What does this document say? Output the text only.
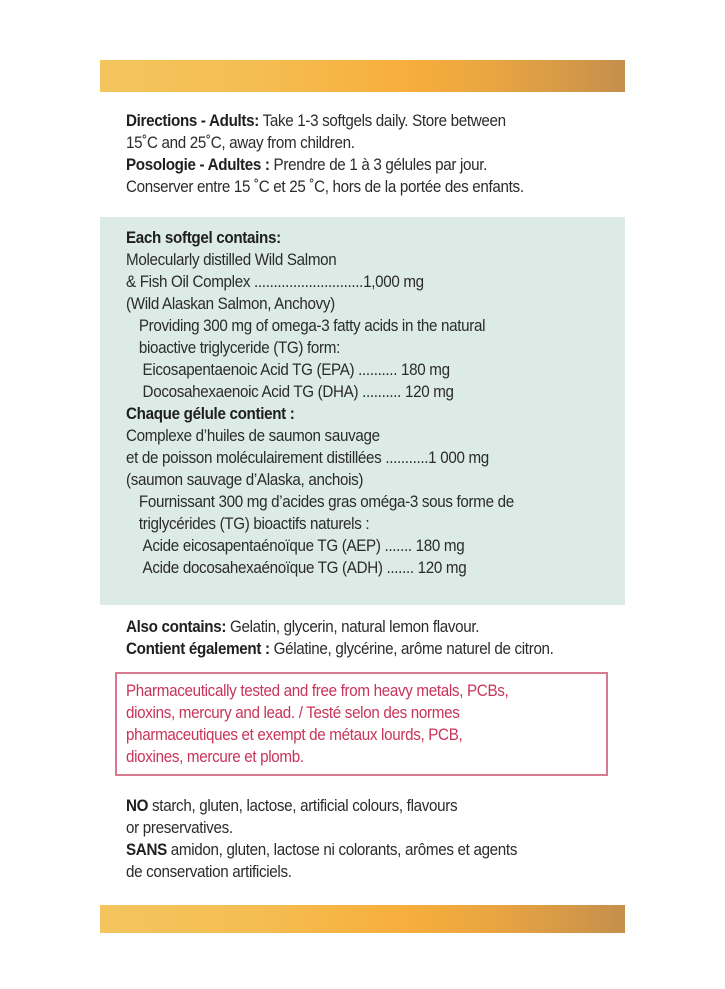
Directions - Adults: Take 1-3 softgels daily. Store between
15˚C and 25˚C, away from children.
Posologie - Adultes : Prendre de 1 à 3 gélules par jour.
Conserver entre 15 ˚C et 25 ˚C, hors de la portée des enfants.
Each softgel contains:
Molecularly distilled Wild Salmon
& Fish Oil Complex ............................1,000 mg
(Wild Alaskan Salmon, Anchovy)
Providing 300 mg of omega-3 fatty acids in the natural
bioactive triglyceride (TG) form:
Eicosapentaenoic Acid TG (EPA) .......... 180 mg
Docosahexaenoic Acid TG (DHA) .......... 120 mg
Chaque gélule contient :
Complexe d’huiles de saumon sauvage
et de poisson moléculairement distillées ...........1 000 mg
(saumon sauvage d’Alaska, anchois)
Fournissant 300 mg d’acides gras oméga-3 sous forme de
triglycérides (TG) bioactifs naturels :
Acide eicosapentaénoïque TG (AEP) ....... 180 mg
Acide docosahexaénoïque TG (ADH) ....... 120 mg
Also contains: Gelatin, glycerin, natural lemon flavour.
Contient également : Gélatine, glycérine, arôme naturel de citron.
Pharmaceutically tested and free from heavy metals, PCBs,
dioxins, mercury and lead. / Testé selon des normes
pharmaceutiques et exempt de métaux lourds, PCB,
dioxines, mercure et plomb.
NO starch, gluten, lactose, artificial colours, flavours
or preservatives.
SANS amidon, gluten, lactose ni colorants, arômes et agents
de conservation artificiels.
